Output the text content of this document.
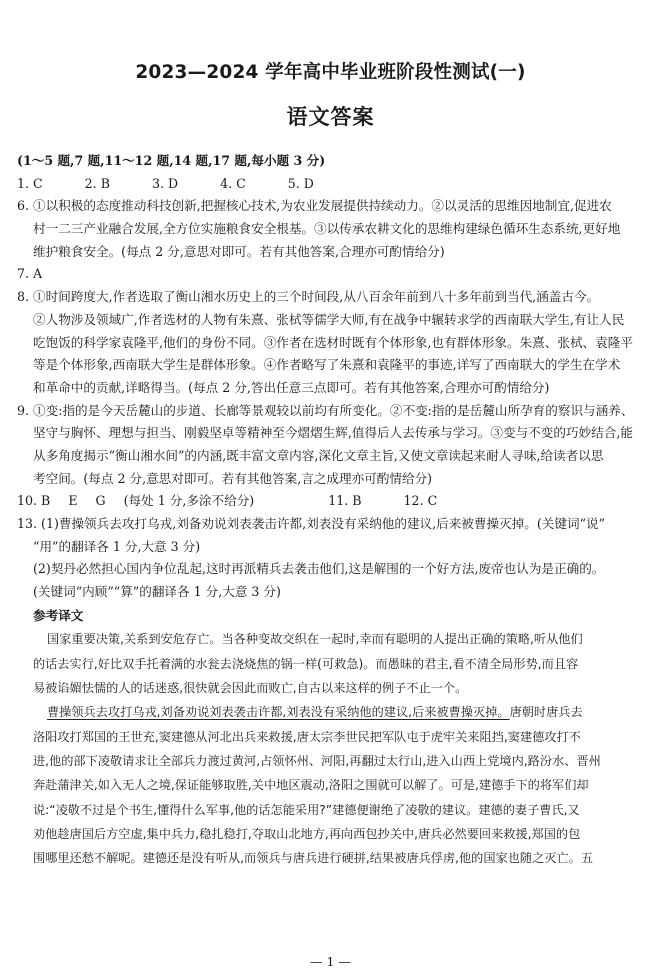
2023—2024 学年高中毕业班阶段性测试(一)
语文答案
(1～5 题,7 题,11～12 题,14 题,17 题,每小题 3 分)
1. C	2. B	3. D	4. C	5. D
6. ①以积极的态度推动科技创新,把握核心技术,为农业发展提供持续动力。②以灵活的思维因地制宜,促进农
村一二三产业融合发展,全方位实施粮食安全根基。③以传承农耕文化的思维构建绿色循环生态系统,更好地
维护粮食安全。(每点 2 分,意思对即可。若有其他答案,合理亦可酌情给分)
7. A
8. ①时间跨度大,作者选取了衡山湘水历史上的三个时间段,从八百余年前到八十多年前到当代,涵盖古今。
②人物涉及领域广,作者选材的人物有朱熹、张栻等儒学大师,有在战争中辗转求学的西南联大学生,有让人民
吃饱饭的科学家袁隆平,他们的身份不同。③作者在选材时既有个体形象,也有群体形象。朱熹、张栻、袁隆平
等是个体形象,西南联大学生是群体形象。④作者略写了朱熹和袁隆平的事迹,详写了西南联大的学生在学术
和革命中的贡献,详略得当。(每点 2 分,答出任意三点即可。若有其他答案,合理亦可酌情给分)
9. ①变:指的是今天岳麓山的步道、长廊等景观较以前均有所变化。②不变:指的是岳麓山所孕育的察识与涵养、
坚守与胸怀、理想与担当、刚毅坚卓等精神至今熠熠生辉,值得后人去传承与学习。③变与不变的巧妙结合,能
从多角度揭示“衡山湘水间”的内涵,既丰富文章内容,深化文章主旨,又使文章读起来耐人寻味,给读者以思
考空间。(每点 2 分,意思对即可。若有其他答案,言之成理亦可酌情给分)
10. B E G (每处 1 分,多涂不给分)	11. B	12. C
13. (1)曹操领兵去攻打乌戎,刘备劝说刘表袭击许都,刘表没有采纳他的建议,后来被曹操灭掉。(关键词“说”
“用”的翻译各 1 分,大意 3 分)
(2)契丹必然担心国内争位乱起,这时再派精兵去袭击他们,这是解围的一个好方法,废帝也认为是正确的。
(关键词“内顾”“算”的翻译各 1 分,大意 3 分)
参考译文
国家重要决策,关系到安危存亡。当各种变故交织在一起时,幸而有聪明的人提出正确的策略,听从他们
的话去实行,好比双手托着满的水瓮去浇烧焦的锅一样(可救急)。而愚昧的君主,看不清全局形势,而且容
易被谄媚怯懦的人的话迷惑,很快就会因此而败亡,自古以来这样的例子不止一个。
曹操领兵去攻打乌戎,刘备劝说刘表袭击许都,刘表没有采纳他的建议,后来被曹操灭掉。唐朝时唐兵去
洛阳攻打郑国的王世充,窦建德从河北出兵来救援,唐太宗李世民把军队屯于虎牢关来阻挡,窦建德攻打不
进,他的部下凌敬请求让全部兵力渡过黄河,占领怀州、河阳,再翻过太行山,进入山西上党境内,路汾水、晋州
奔赴蒲津关,如入无人之境,保证能够取胜,关中地区震动,洛阳之围就可以解了。可是,建德手下的将军们却
说:“凌敬不过是个书生,懂得什么军事,他的话怎能采用?”建德便谢绝了凌敬的建议。建德的妻子曹氏,又
劝他趁唐国后方空虚,集中兵力,稳扎稳打,夺取山北地方,再向西包抄关中,唐兵必然要回来救援,郑国的包
围哪里还愁不解呢。建德还是没有听从,而领兵与唐兵进行硬拼,结果被唐兵俘虏,他的国家也随之灭亡。五
— 1 —
